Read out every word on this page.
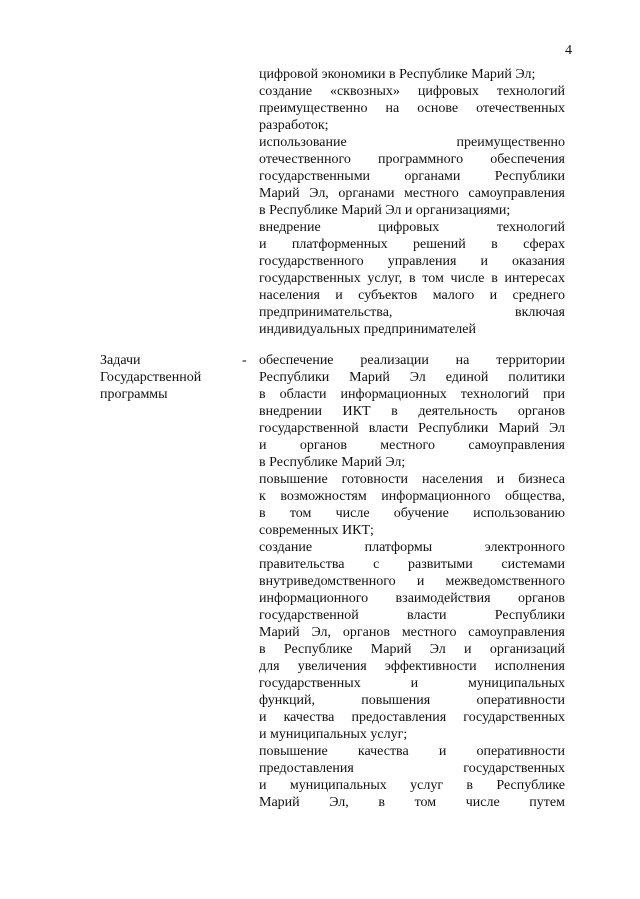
4
цифровой экономики в Республике Марий Эл;
создание «сквозных» цифровых технологий
преимущественно на основе отечественных
разработок;
использование преимущественно
отечественного программного обеспечения
государственными органами Республики
Марий Эл, органами местного самоуправления
в Республике Марий Эл и организациями;
внедрение цифровых технологий
и платформенных решений в сферах
государственного управления и оказания
государственных услуг, в том числе в интересах
населения и субъектов малого и среднего
предпринимательства, включая
индивидуальных предпринимателей
Задачи
Государственной
программы
- обеспечение реализации на территории
Республики Марий Эл единой политики
в области информационных технологий при
внедрении ИКТ в деятельность органов
государственной власти Республики Марий Эл
и органов местного самоуправления
в Республике Марий Эл;
повышение готовности населения и бизнеса
к возможностям информационного общества,
в том числе обучение использованию
современных ИКТ;
создание платформы электронного
правительства с развитыми системами
внутриведомственного и межведомственного
информационного взаимодействия органов
государственной власти Республики
Марий Эл, органов местного самоуправления
в Республике Марий Эл и организаций
для увеличения эффективности исполнения
государственных и муниципальных
функций, повышения оперативности
и качества предоставления государственных
и муниципальных услуг;
повышение качества и оперативности
предоставления государственных
и муниципальных услуг в Республике
Марий Эл, в том числе путем
